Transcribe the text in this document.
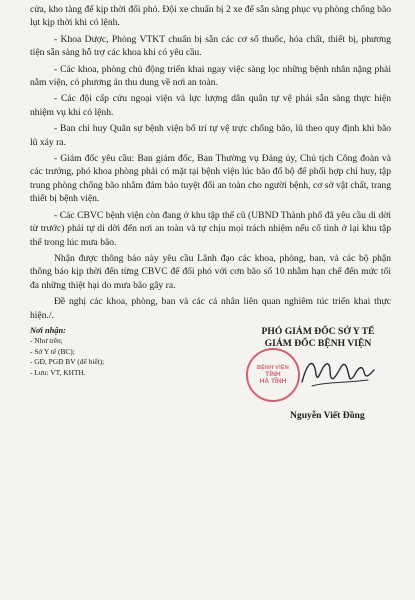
cửa, kho tàng để kịp thời đối phó. Đội xe chuẩn bị 2 xe để sẵn sàng phục vụ phòng chống bão lụt kịp thời khi có lệnh.

- Khoa Dược, Phòng VTKT chuẩn bị sẵn các cơ số thuốc, hóa chất, thiết bị, phương tiện sẵn sàng hỗ trợ các khoa khi có yêu cầu.

- Các khoa, phòng chủ động triển khai ngay việc sàng lọc những bệnh nhân nặng phải nằm viện, có phương án thu dung về nơi an toàn.

- Các đội cấp cứu ngoại viện và lực lượng dân quân tự vệ phải sẵn sàng thực hiện nhiệm vụ khi có lệnh.

- Ban chỉ huy Quân sự bệnh viện bố trí tự vệ trực chống bão, lũ theo quy định khi bão lũ xảy ra.

- Giám đốc yêu cầu: Ban giám đốc, Ban Thường vụ Đảng ủy, Chủ tịch Công đoàn và các trưởng, phó khoa phòng phải có mặt tại bệnh viện lúc bão đổ bộ để phối hợp chỉ huy, tập trung phòng chống bão nhằm đảm bảo tuyệt đối an toàn cho người bệnh, cơ sở vật chất, trang thiết bị bệnh viện.

- Các CBVC bệnh viện còn đang ở khu tập thể cũ (UBND Thành phố đã yêu cầu di dời từ trước) phải tự di dời đến nơi an toàn và tự chịu mọi trách nhiệm nếu cố tình ở lại khu tập thể trong lúc mưa bão.

Nhận được thông báo này yêu cầu Lãnh đạo các khoa, phòng, ban, và các bộ phận thông báo kịp thời đến từng CBVC để đối phó với cơn bão số 10 nhằm hạn chế đến mức tối đa những thiệt hại do mưa bão gây ra.

Đề nghị các khoa, phòng, ban và các cá nhân liên quan nghiêm túc triển khai thực hiện./.

Nơi nhận:
- Như trên;
- Sở Y tế (BC);
- GĐ, PGĐ BV (để biết);
- Lưu: VT, KHTH.
PHÓ GIÁM ĐỐC SỞ Y TẾ
GIÁM ĐỐC BỆNH VIỆN
BỆNH VIỆN
TỈNH
HÀ TĨNH
Nguyễn Viết Đồng
